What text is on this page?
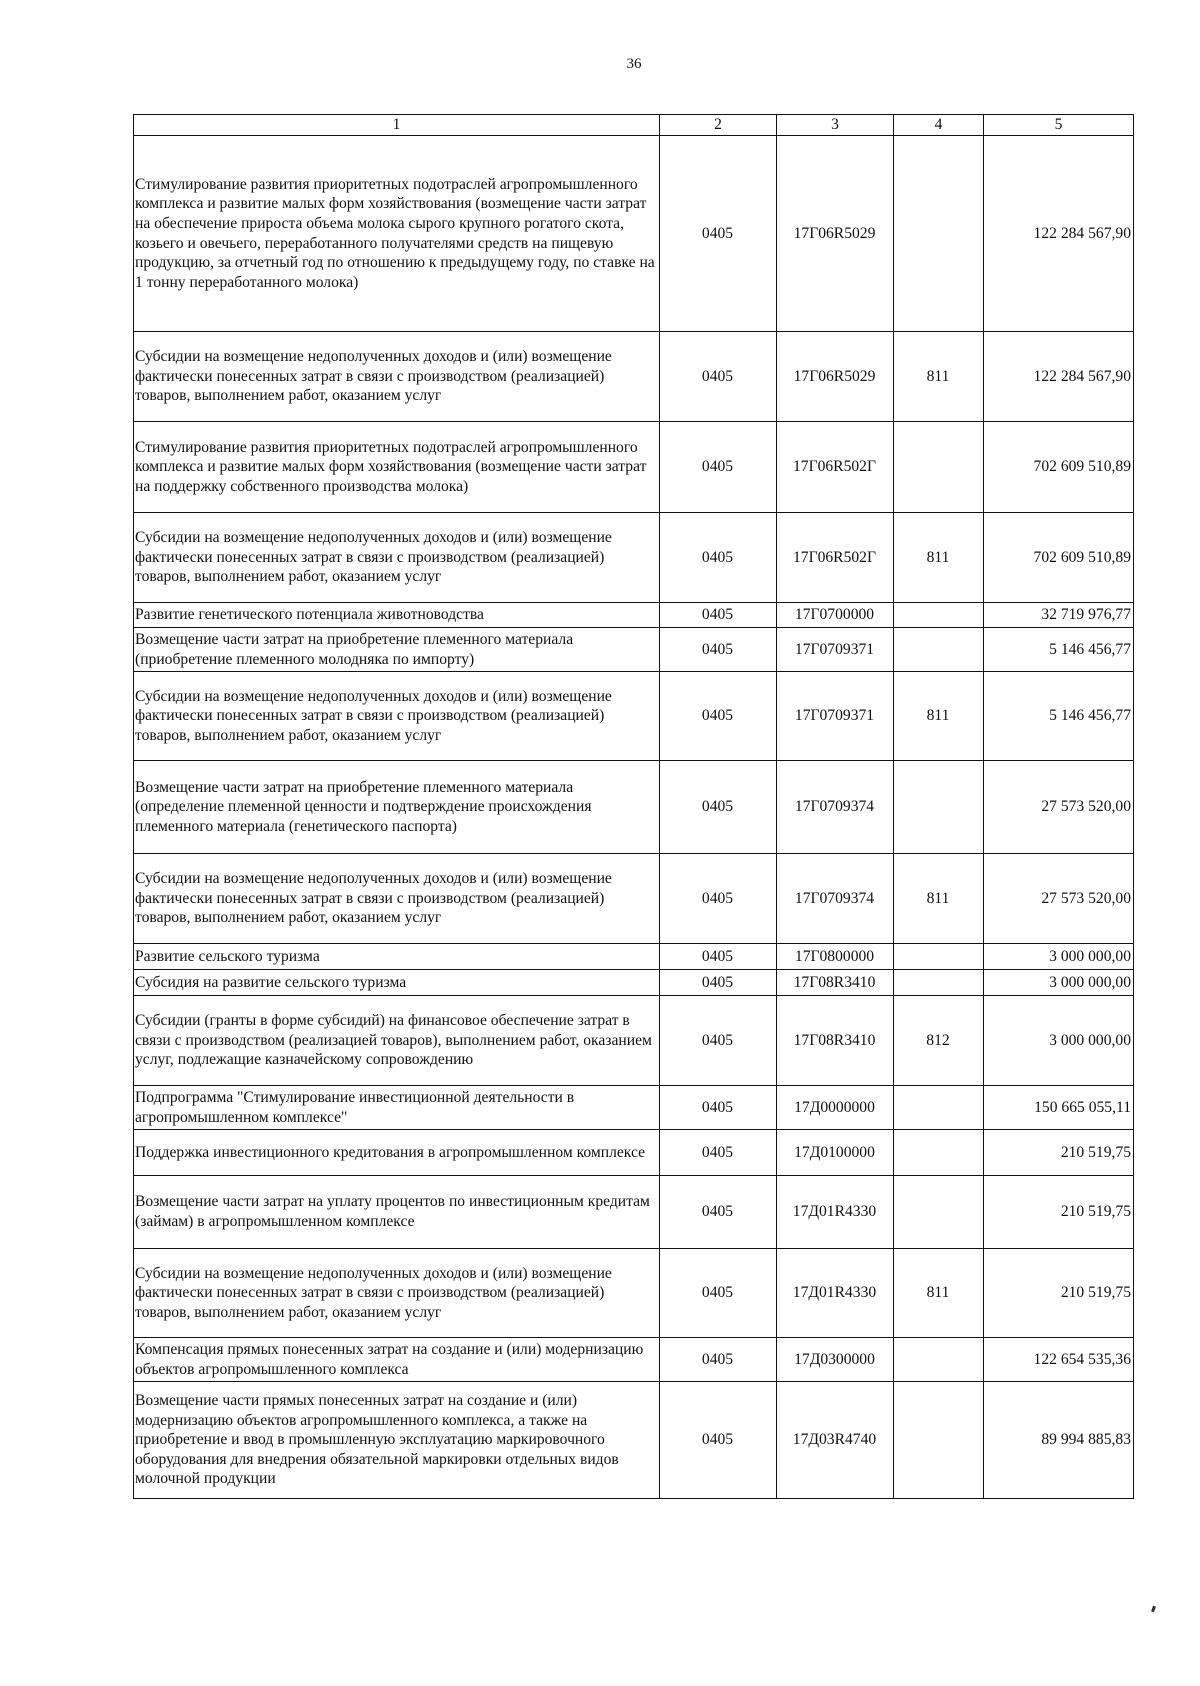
36
1	2	3	4	5
Стимулирование развития приоритетных подотраслей агропромышленного комплекса и развитие малых форм хозяйствования (возмещение части затрат на обеспечение прироста объема молока сырого крупного рогатого скота, козьего и овечьего, переработанного получателями средств на пищевую продукцию, за отчетный год по отношению к предыдущему году, по ставке на 1 тонну переработанного молока)	0405	17Г06R5029		122 284 567,90
Субсидии на возмещение недополученных доходов и (или) возмещение фактически понесенных затрат в связи с производством (реализацией) товаров, выполнением работ, оказанием услуг	0405	17Г06R5029	811	122 284 567,90
Стимулирование развития приоритетных подотраслей агропромышленного комплекса и развитие малых форм хозяйствования (возмещение части затрат на поддержку собственного производства молока)	0405	17Г06R502Г		702 609 510,89
Субсидии на возмещение недополученных доходов и (или) возмещение фактически понесенных затрат в связи с производством (реализацией) товаров, выполнением работ, оказанием услуг	0405	17Г06R502Г	811	702 609 510,89
Развитие генетического потенциала животноводства	0405	17Г0700000		32 719 976,77
Возмещение части затрат на приобретение племенного материала (приобретение племенного молодняка по импорту)	0405	17Г0709371		5 146 456,77
Субсидии на возмещение недополученных доходов и (или) возмещение фактически понесенных затрат в связи с производством (реализацией) товаров, выполнением работ, оказанием услуг	0405	17Г0709371	811	5 146 456,77
Возмещение части затрат на приобретение племенного материала (определение племенной ценности и подтверждение происхождения племенного материала (генетического паспорта)	0405	17Г0709374		27 573 520,00
Субсидии на возмещение недополученных доходов и (или) возмещение фактически понесенных затрат в связи с производством (реализацией) товаров, выполнением работ, оказанием услуг	0405	17Г0709374	811	27 573 520,00
Развитие сельского туризма	0405	17Г0800000		3 000 000,00
Субсидия на развитие сельского туризма	0405	17Г08R3410		3 000 000,00
Субсидии (гранты в форме субсидий) на финансовое обеспечение затрат в связи с производством (реализацией товаров), выполнением работ, оказанием услуг, подлежащие казначейскому сопровождению	0405	17Г08R3410	812	3 000 000,00
Подпрограмма "Стимулирование инвестиционной деятельности в агропромышленном комплексе"	0405	17Д0000000		150 665 055,11
Поддержка инвестиционного кредитования в агропромышленном комплексе	0405	17Д0100000		210 519,75
Возмещение части затрат на уплату процентов по инвестиционным кредитам (займам) в агропромышленном комплексе	0405	17Д01R4330		210 519,75
Субсидии на возмещение недополученных доходов и (или) возмещение фактически понесенных затрат в связи с производством (реализацией) товаров, выполнением работ, оказанием услуг	0405	17Д01R4330	811	210 519,75
Компенсация прямых понесенных затрат на создание и (или) модернизацию объектов агропромышленного комплекса	0405	17Д0300000		122 654 535,36
Возмещение части прямых понесенных затрат на создание и (или) модернизацию объектов агропромышленного комплекса, а также на приобретение и ввод в промышленную эксплуатацию маркировочного оборудования для внедрения обязательной маркировки отдельных видов молочной продукции	0405	17Д03R4740		89 994 885,83
